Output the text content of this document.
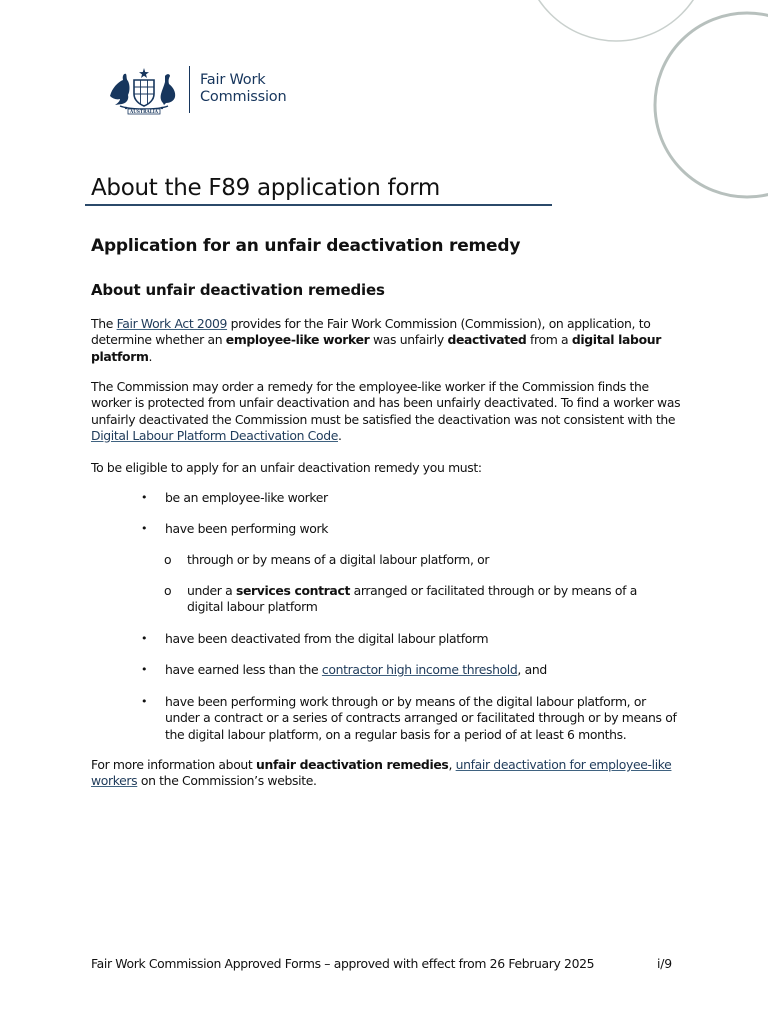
AUSTRALIA
Fair Work
Commission
About the F89 application form
Application for an unfair deactivation remedy
About unfair deactivation remedies

The Fair Work Act 2009 provides for the Fair Work Commission (Commission), on application, to determine whether an employee-like worker was unfairly deactivated from a digital labour platform.

The Commission may order a remedy for the employee-like worker if the Commission finds the worker is protected from unfair deactivation and has been unfairly deactivated. To find a worker was unfairly deactivated the Commission must be satisfied the deactivation was not consistent with the Digital Labour Platform Deactivation Code.

To be eligible to apply for an unfair deactivation remedy you must:

•	be an employee-like worker
•	have been performing work
o through or by means of a digital labour platform, or
o under a services contract arranged or facilitated through or by means of a digital labour platform
•	have been deactivated from the digital labour platform
•	have earned less than the contractor high income threshold, and
•	have been performing work through or by means of the digital labour platform, or under a contract or a series of contracts arranged or facilitated through or by means of the digital labour platform, on a regular basis for a period of at least 6 months.

For more information about unfair deactivation remedies, unfair deactivation for employee-like workers on the Commission’s website.

Fair Work Commission Approved Forms – approved with effect from 26 February 2025	i/9
